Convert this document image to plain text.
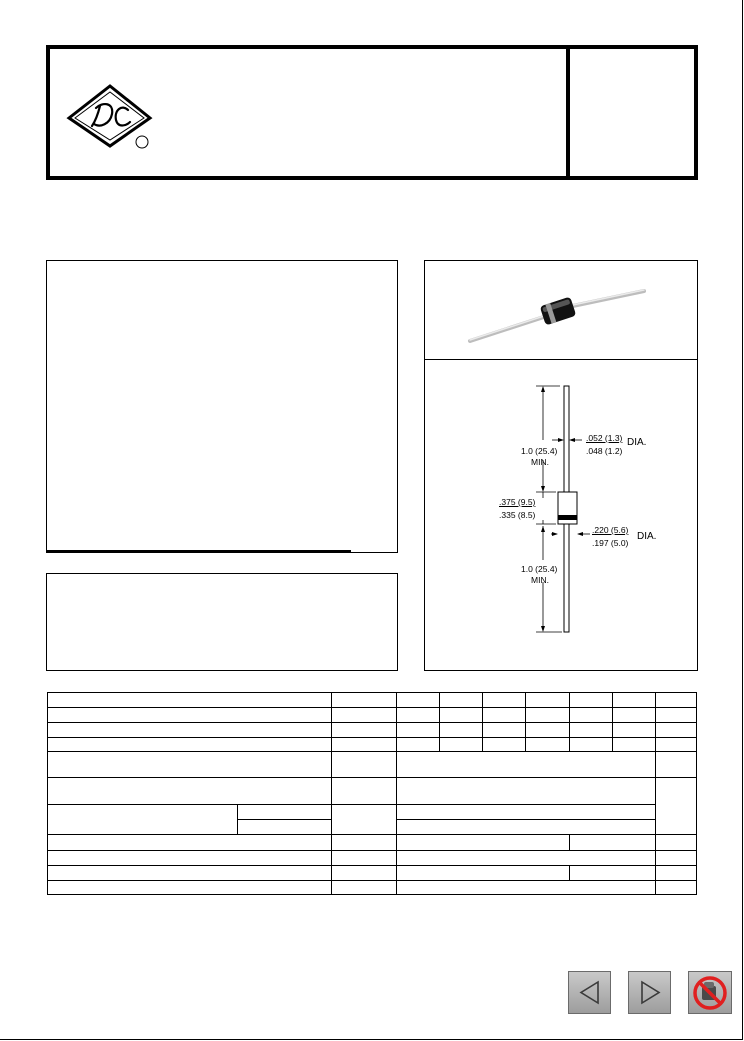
1.0 (25.4)
MIN.
.052 (1.3)
.048 (1.2)
DIA.
.375 (9.5)
.335 (8.5)
.220 (5.6)
.197 (5.0)
DIA.
1.0 (25.4)
MIN.
